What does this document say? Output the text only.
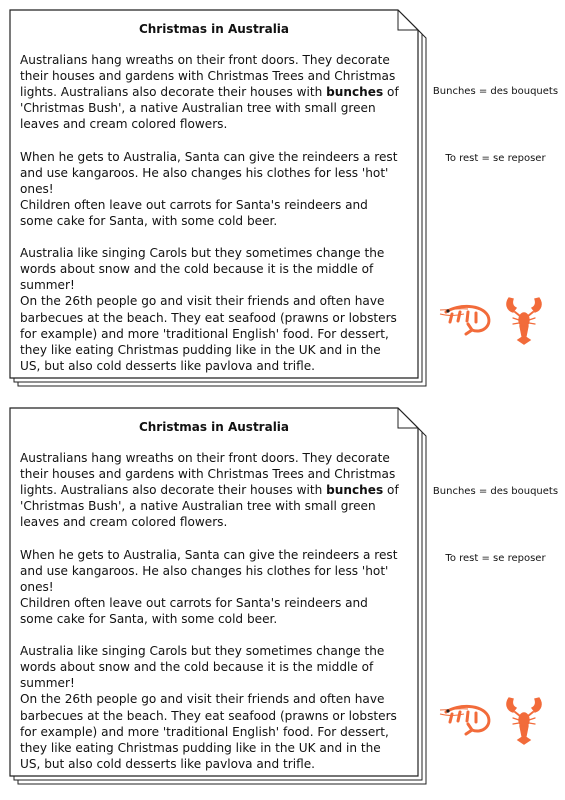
Christmas in Australia

Australians hang wreaths on their front doors. They decorate
their houses and gardens with Christmas Trees and Christmas
lights. Australians also decorate their houses with bunches of
'Christmas Bush', a native Australian tree with small green
leaves and cream colored flowers.

When he gets to Australia, Santa can give the reindeers a rest
and use kangaroos. He also changes his clothes for less 'hot'
ones!
Children often leave out carrots for Santa's reindeers and
some cake for Santa, with some cold beer.

Australia like singing Carols but they sometimes change the
words about snow and the cold because it is the middle of
summer!
On the 26th people go and visit their friends and often have
barbecues at the beach. They eat seafood (prawns or lobsters
for example) and more 'traditional English' food. For dessert,
they like eating Christmas pudding like in the UK and in the
US, but also cold desserts like pavlova and trifle.

Bunches = des bouquets
To rest = se reposer
Christmas in Australia

Australians hang wreaths on their front doors. They decorate
their houses and gardens with Christmas Trees and Christmas
lights. Australians also decorate their houses with bunches of
'Christmas Bush', a native Australian tree with small green
leaves and cream colored flowers.

When he gets to Australia, Santa can give the reindeers a rest
and use kangaroos. He also changes his clothes for less 'hot'
ones!
Children often leave out carrots for Santa's reindeers and
some cake for Santa, with some cold beer.

Australia like singing Carols but they sometimes change the
words about snow and the cold because it is the middle of
summer!
On the 26th people go and visit their friends and often have
barbecues at the beach. They eat seafood (prawns or lobsters
for example) and more 'traditional English' food. For dessert,
they like eating Christmas pudding like in the UK and in the
US, but also cold desserts like pavlova and trifle.

Bunches = des bouquets
To rest = se reposer
